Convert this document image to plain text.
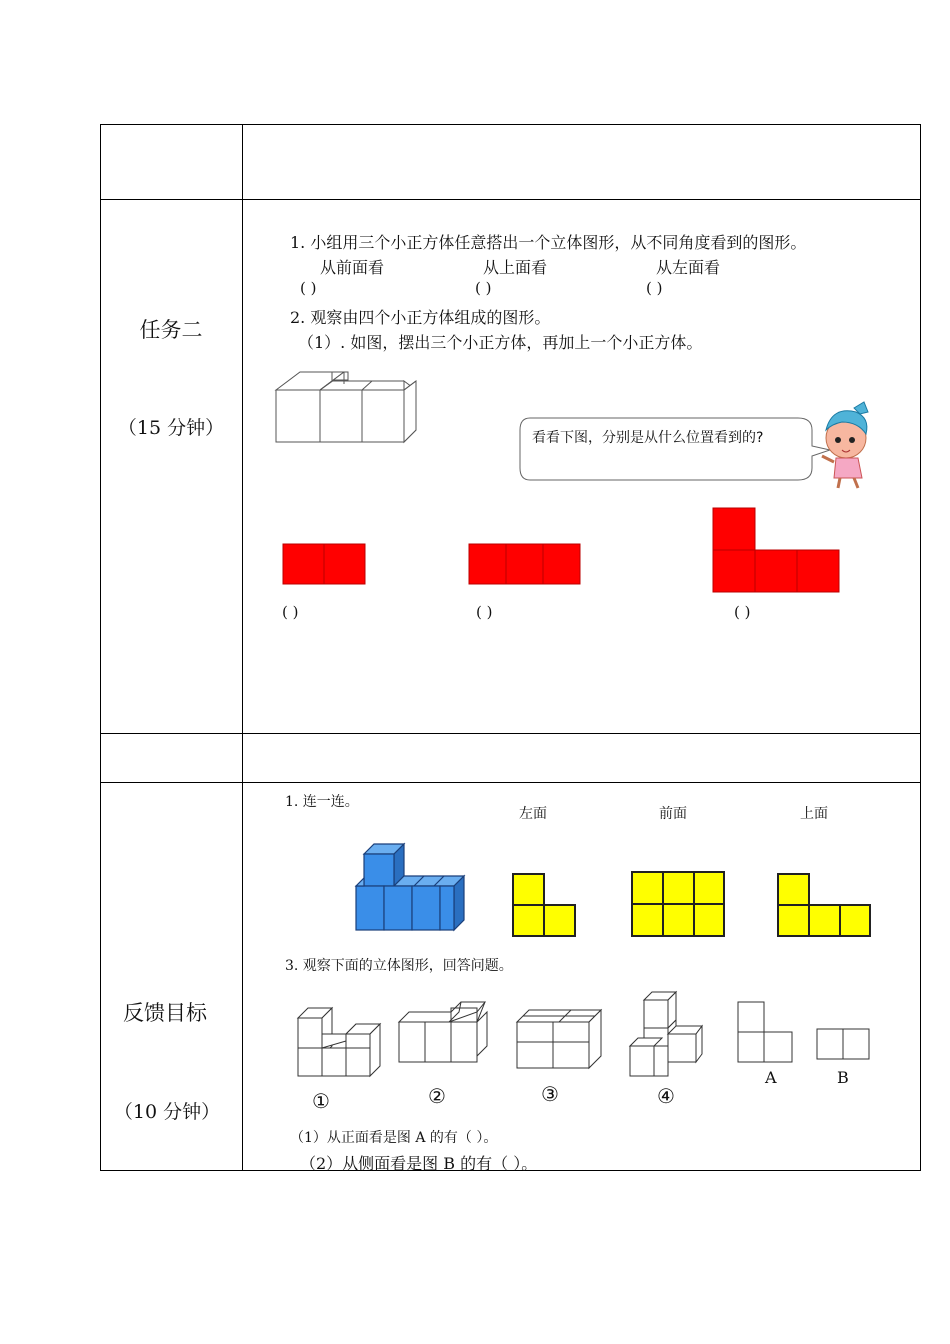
任务二
（15 分钟）
1. 小组用三个小正方体任意搭出一个立体图形，从不同角度看到的图形。
从前面看	从上面看	从左面看
( )	( )	( )
2. 观察由四个小正方体组成的图形。
（1）. 如图，摆出三个小正方体，再加上一个小正方体。
看看下图，分别是从什么位置看到的?
( )	( )	( )
反馈目标
（10 分钟）
1. 连一连。
左面	前面	上面
3. 观察下面的立体图形，回答问题。
①	②	③	④
A	B
（1）从正面看是图 A 的有（ ）。
（2）从侧面看是图 B 的有（ ）。
